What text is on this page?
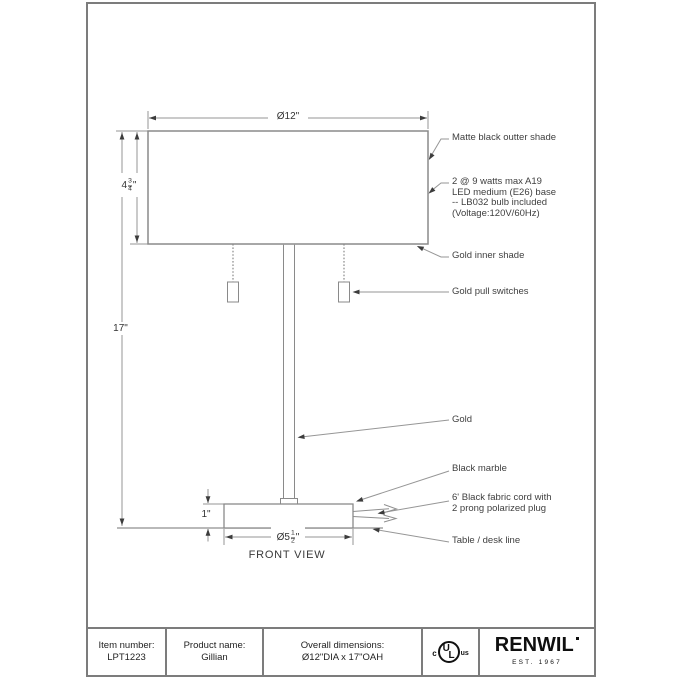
Item number:
LPT1223
Product name:
Gillian
Overall dimensions:
Ø12"DIA x 17"OAH	c U
L us RENWIL
EST. 1967
Ø12"
$4 \frac{3}{4}$ "
17"
1"
Ø5 $\frac{1}{2}$ "
FRONT VIEW
Matte black outter shade
2 @ 9 watts max A19
LED medium (E26) base
-- LB032 bulb included
(Voltage:120V/60Hz)
Gold inner shade
Gold pull switches
Gold
Black marble
6' Black fabric cord with
2 prong polarized plug
Table / desk line
